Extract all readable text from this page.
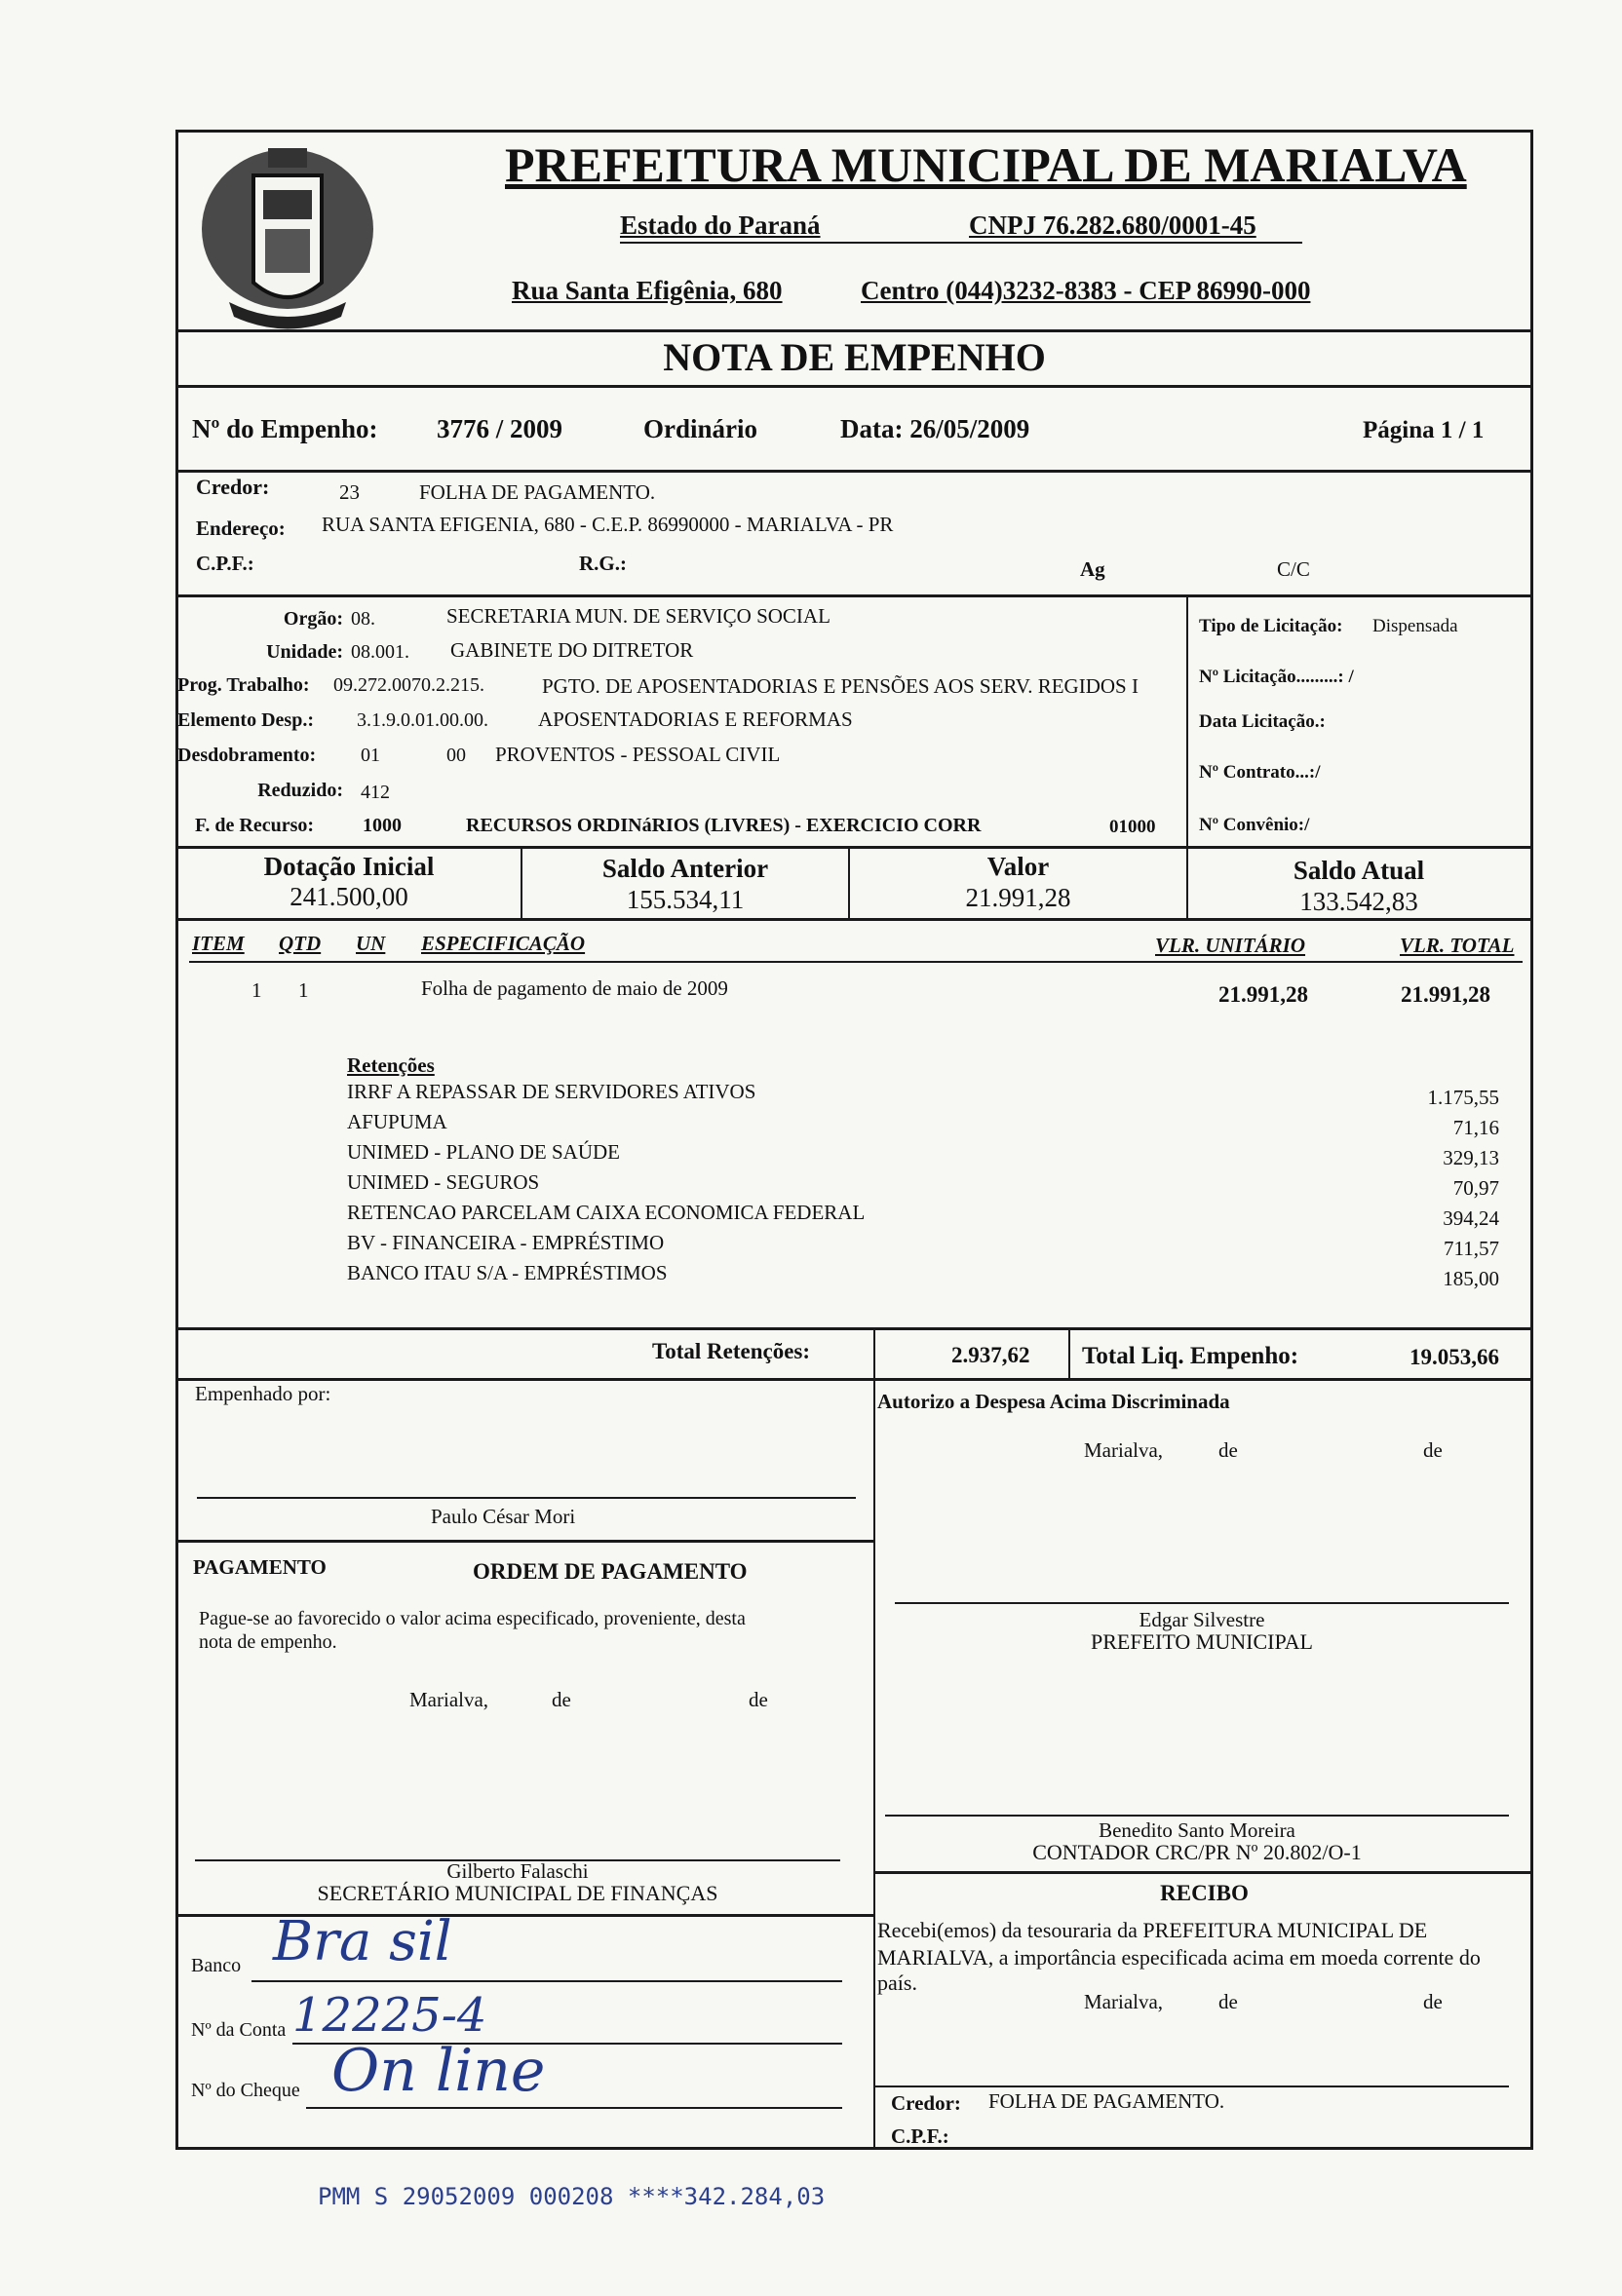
PREFEITURA MUNICIPAL DE MARIALVA
Estado do Paraná	CNPJ 76.282.680/0001-45
Rua Santa Efigênia, 680	Centro (044)3232-8383 - CEP 86990-000
NOTA DE EMPENHO
Nº do Empenho: 3776 / 2009	Ordinário	Data: 26/05/2009	Página 1 / 1
Credor:	23	FOLHA DE PAGAMENTO.
Endereço: RUA SANTA EFIGENIA, 680 - C.E.P. 86990000 - MARIALVA - PR
C.P.F.:	R.G.:	Ag	C/C
Orgão: 08.	SECRETARIA MUN. DE SERVIÇO SOCIAL
Unidade: 08.001. GABINETE DO DITRETOR
Prog. Trabalho: 09.272.0070.2.215.	PGTO. DE APOSENTADORIAS E PENSÕES AOS SERV. REGIDOS I
Elemento Desp.: 3.1.9.0.01.00.00. APOSENTADORIAS E REFORMAS
Desdobramento: 01	00 PROVENTOS - PESSOAL CIVIL
Reduzido: 412
F. de Recurso: 1000	RECURSOS ORDINáRIOS (LIVRES) - EXERCICIO CORR	01000
Tipo de Licitação: Dispensada
Nº Licitação.........: /
Data Licitação.:
Nº Contrato...:/
Nº Convênio:/
Dotação Inicial
241.500,00
Saldo Anterior
155.534,11
Valor
21.991,28
Saldo Atual
133.542,83
ITEM QTD UN ESPECIFICAÇÃO	VLR. UNITÁRIO	VLR. TOTAL
1 1	Folha de pagamento de maio de 2009	21.991,28	21.991,28
Retenções
IRRF A REPASSAR DE SERVIDORES ATIVOS	1.175,55
AFUPUMA	71,16
UNIMED - PLANO DE SAÚDE	329,13
UNIMED - SEGUROS	70,97
RETENCAO PARCELAM CAIXA ECONOMICA FEDERAL	394,24
BV - FINANCEIRA - EMPRÉSTIMO	711,57
BANCO ITAU S/A - EMPRÉSTIMOS	185,00
Total Retenções:	2.937,62 Total Liq. Empenho:	19.053,66
Empenhado por:
Paulo César Mori
PAGAMENTO	ORDEM DE PAGAMENTO
Pague-se ao favorecido o valor acima especificado, proveniente, desta
nota de empenho.
Marialva,	de	de
Gilberto Falaschi
SECRETÁRIO MUNICIPAL DE FINANÇAS
Banco Bra sil
Nº da Conta 12225-4
Nº do Cheque On line
Autorizo a Despesa Acima Discriminada
Marialva,	de	de
Edgar Silvestre
PREFEITO MUNICIPAL
Benedito Santo Moreira
CONTADOR CRC/PR Nº 20.802/O-1
RECIBO
Recebi(emos) da tesouraria da PREFEITURA MUNICIPAL DE
MARIALVA, a importância especificada acima em moeda corrente do
país.
Marialva,	de	de
Credor: FOLHA DE PAGAMENTO.
C.P.F.:
PMM S 29052009 000208 ****342.284,03
